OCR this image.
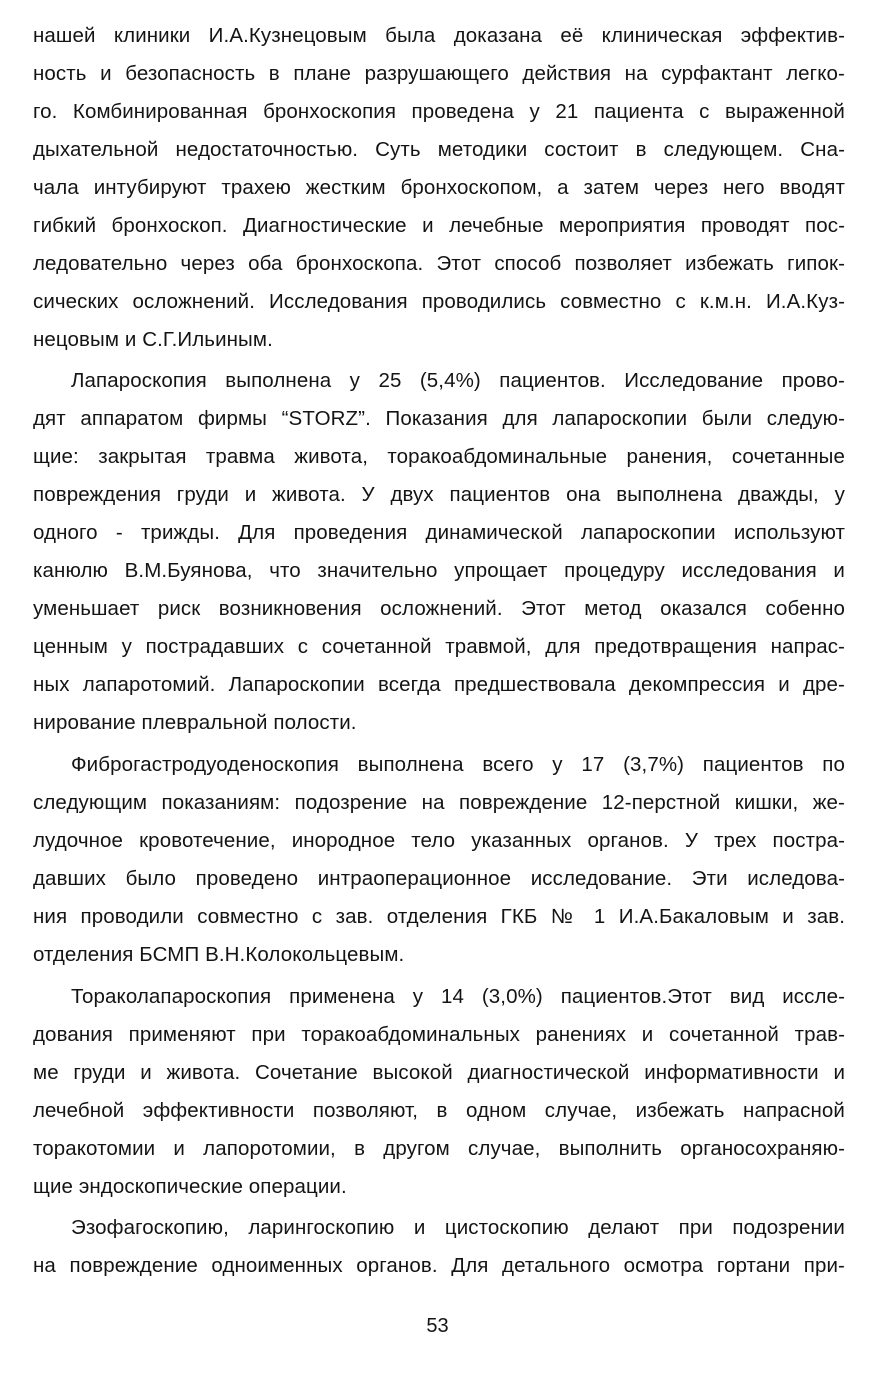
нашей клиники И.А.Кузнецовым была доказана её клиническая эффектив-
ность и безопасность в плане разрушающего действия на сурфактант легко-
го. Комбинированная бронхоскопия проведена у 21 пациента с выраженной
дыхательной недостаточностью. Суть методики состоит в следующем. Сна-
чала интубируют трахею жестким бронхоскопом, а затем через него вводят
гибкий бронхоскоп. Диагностические и лечебные мероприятия проводят пос-
ледовательно через оба бронхоскопа. Этот способ позволяет избежать гипок-
сических осложнений. Исследования проводились совместно с к.м.н. И.А.Куз-
нецовым и С.Г.Ильиным.
Лапароскопия выполнена у 25 (5,4%) пациентов. Исследование прово-
дят аппаратом фирмы “STORZ”. Показания для лапароскопии были следую-
щие: закрытая травма живота, торакоабдоминальные ранения, сочетанные
повреждения груди и живота. У двух пациентов она выполнена дважды, у
одного - трижды. Для проведения динамической лапароскопии используют
канюлю В.М.Буянова, что значительно упрощает процедуру исследования и
уменьшает риск возникновения осложнений. Этот метод оказался собенно
ценным у пострадавших с сочетанной травмой, для предотвращения напрас-
ных лапаротомий. Лапароскопии всегда предшествовала декомпрессия и дре-
нирование плевральной полости.
Фиброгастродуоденоскопия выполнена всего у 17 (3,7%) пациентов по
следующим показаниям: подозрение на повреждение 12-перстной кишки, же-
лудочное кровотечение, инородное тело указанных органов. У трех постра-
давших было проведено интраоперационное исследование. Эти иследова-
ния проводили совместно с зав. отделения ГКБ № 1 И.А.Бакаловым и зав.
отделения БСМП В.Н.Колокольцевым.
Тораколапароскопия применена у 14 (3,0%) пациентов.Этот вид иссле-
дования применяют при торакоабдоминальных ранениях и сочетанной трав-
ме груди и живота. Сочетание высокой диагностической информативности и
лечебной эффективности позволяют, в одном случае, избежать напрасной
торакотомии и лапоротомии, в другом случае, выполнить органосохраняю-
щие эндоскопические операции.
Эзофагоскопию, ларингоскопию и цистоскопию делают при подозрении
на повреждение одноименных органов. Для детального осмотра гортани при-
53
